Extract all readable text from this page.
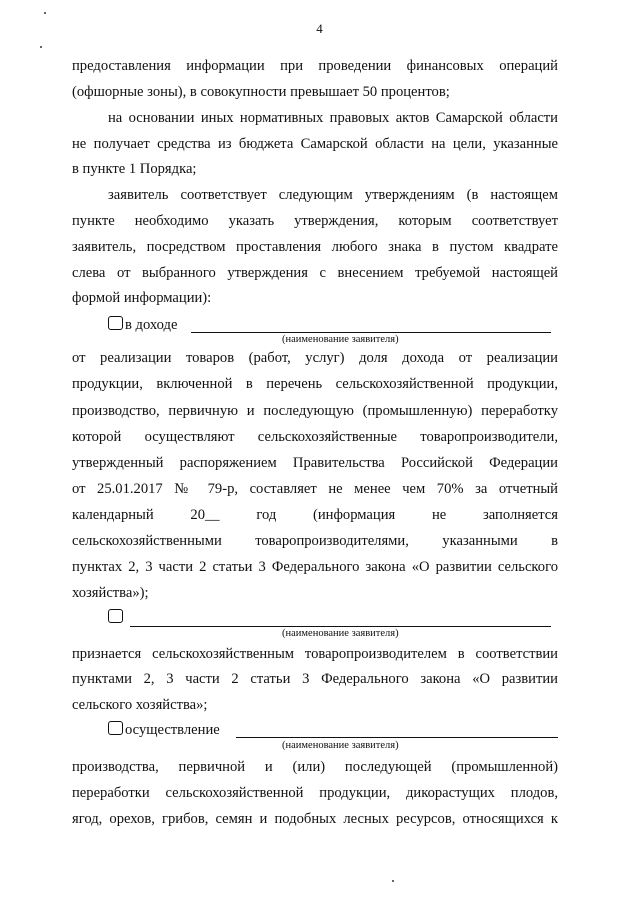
4
предоставления информации при проведении финансовых операций
(офшорные зоны), в совокупности превышает 50 процентов;
на основании иных нормативных правовых актов Самарской области
не получает средства из бюджета Самарской области на цели, указанные
в пункте 1 Порядка;
заявитель соответствует следующим утверждениям (в настоящем
пункте необходимо указать утверждения, которым соответствует
заявитель, посредством проставления любого знака в пустом квадрате
слева от выбранного утверждения с внесением требуемой настоящей
формой информации):
в доходе
(наименование заявителя)
от реализации товаров (работ, услуг) доля дохода от реализации
продукции, включенной в перечень сельскохозяйственной продукции,
производство, первичную и последующую (промышленную) переработку
которой осуществляют сельскохозяйственные товаропроизводители,
утвержденный распоряжением Правительства Российской Федерации
от 25.01.2017 № 79-р, составляет не менее чем 70% за отчетный
календарный 20__ год (информация не заполняется
сельскохозяйственными товаропроизводителями, указанными в
пунктах 2, 3 части 2 статьи 3 Федерального закона «О развитии сельского
хозяйства»);
(наименование заявителя)
признается сельскохозяйственным товаропроизводителем в соответствии
пунктами 2, 3 части 2 статьи 3 Федерального закона «О развитии
сельского хозяйства»;
осуществление
(наименование заявителя)
производства, первичной и (или) последующей (промышленной)
переработки сельскохозяйственной продукции, дикорастущих плодов,
ягод, орехов, грибов, семян и подобных лесных ресурсов, относящихся к
